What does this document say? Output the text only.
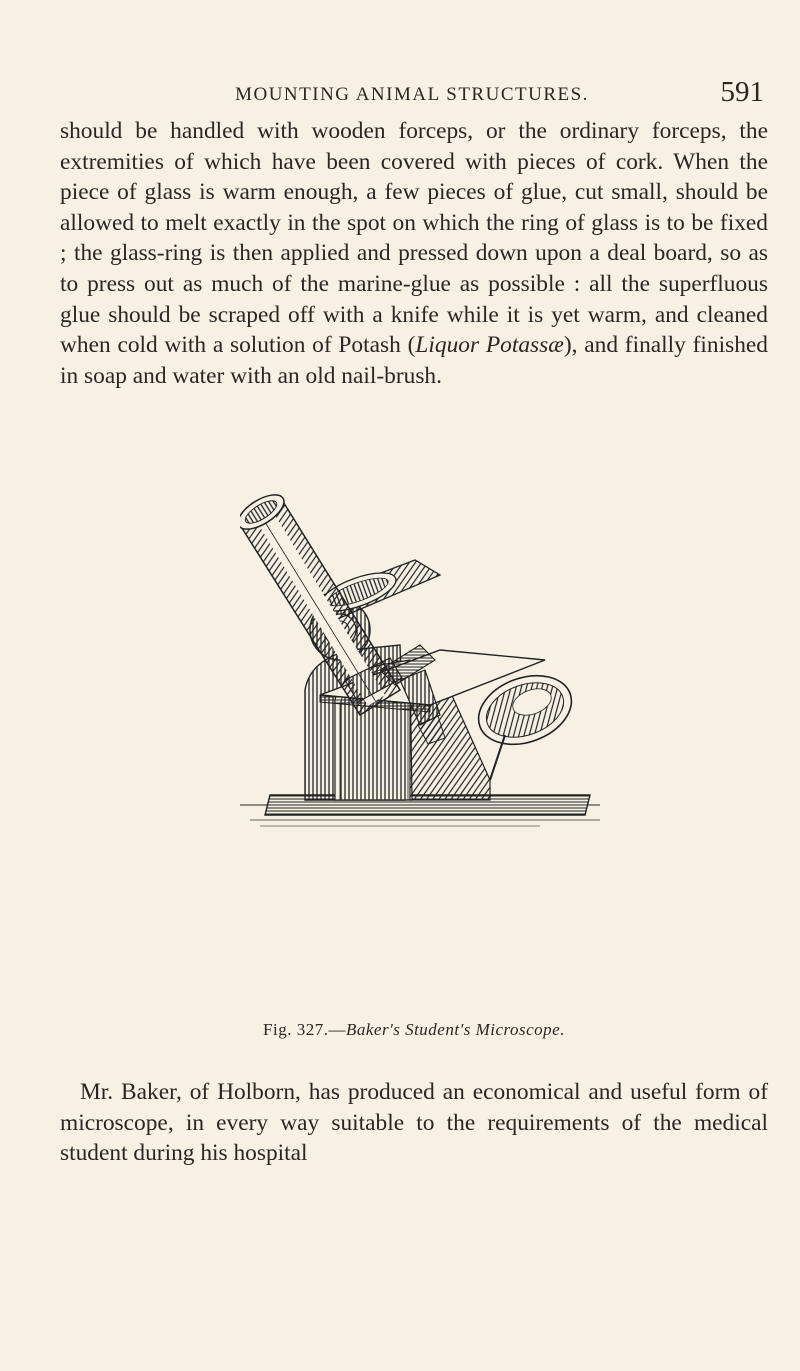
MOUNTING ANIMAL STRUCTURES.	591

should be handled with wooden forceps, or the ordinary forceps, the extremities of which have been covered with pieces of cork. When the piece of glass is warm enough, a few pieces of glue, cut small, should be allowed to melt exactly in the spot on which the ring of glass is to be fixed ; the glass-ring is then applied and pressed down upon a deal board, so as to press out as much of the marine-glue as possible : all the superfluous glue should be scraped off with a knife while it is yet warm, and cleaned when cold with a solution of Potash (Liquor Potassæ), and finally finished in soap and water with an old nail-brush.

Fig. 327.—Baker's Student's Microscope.

Mr. Baker, of Holborn, has produced an economical and useful form of microscope, in every way suitable to the requirements of the medical student during his hospital
